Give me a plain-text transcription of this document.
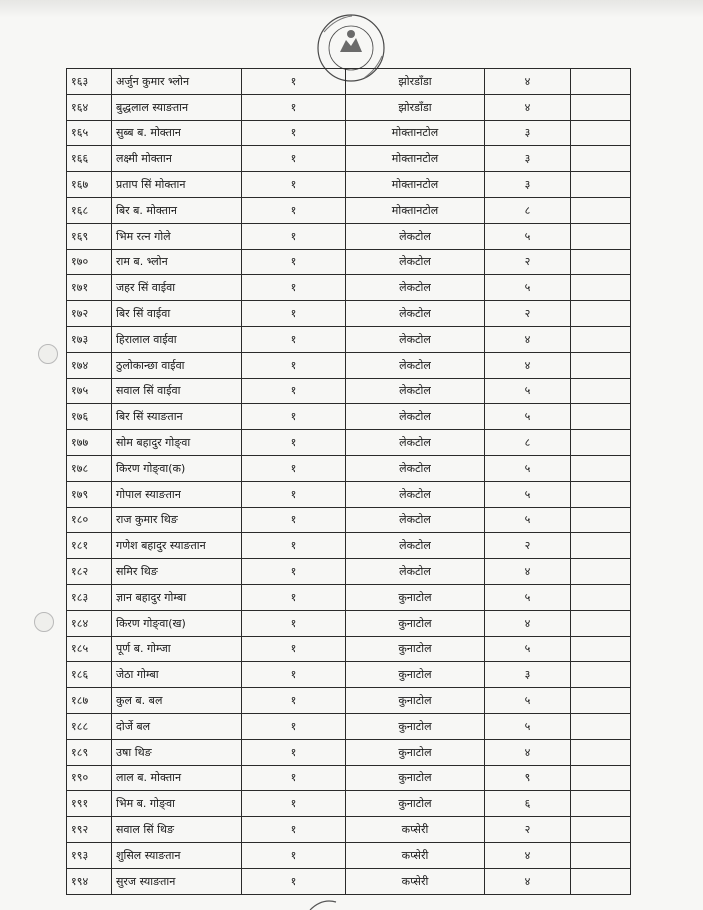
१६३	अर्जुन कुमार भ्लोन	१	झोरडाँडा	४	
१६४	बुद्धलाल स्याङतान	१	झोरडाँडा	४	
१६५	सुब्ब ब. मोक्तान	१	मोक्तानटोल	३	
१६६	लक्ष्मी मोक्तान	१	मोक्तानटोल	३	
१६७	प्रताप सिं मोक्तान	१	मोक्तानटोल	३	
१६८	बिर ब. मोक्तान	१	मोक्तानटोल	८	
१६९	भिम रत्न गोले	१	लेकटोल	५	
१७०	राम ब. भ्लोन	१	लेकटोल	२	
१७१	जहर सिं वाईवा	१	लेकटोल	५	
१७२	बिर सिं वाईवा	१	लेकटोल	२	
१७३	हिरालाल वाईवा	१	लेकटोल	४	
१७४	ठुलोकान्छा वाईवा	१	लेकटोल	४	
१७५	सवाल सिं वाईवा	१	लेकटोल	५	
१७६	बिर सिं स्याङतान	१	लेकटोल	५	
१७७	सोम बहादुर गोङ्वा	१	लेकटोल	८	
१७८	किरण गोङ्वा(क)	१	लेकटोल	५	
१७९	गोपाल स्याङतान	१	लेकटोल	५	
१८०	राज कुमार थिङ	१	लेकटोल	५	
१८१	गणेश बहादुर स्याङतान	१	लेकटोल	२	
१८२	समिर थिङ	१	लेकटोल	४	
१८३	ज्ञान बहादुर गोम्बा	१	कुनाटोल	५	
१८४	किरण गोङ्वा(ख)	१	कुनाटोल	४	
१८५	पूर्ण ब. गोम्जा	१	कुनाटोल	५	
१८६	जेठा गोम्बा	१	कुनाटोल	३	
१८७	कुल ब. बल	१	कुनाटोल	५	
१८८	दोर्जे बल	१	कुनाटोल	५	
१८९	उषा थिङ	१	कुनाटोल	४	
१९०	लाल ब. मोक्तान	१	कुनाटोल	९	
१९१	भिम ब. गोङ्वा	१	कुनाटोल	६	
१९२	सवाल सिं थिङ	१	कप्सेरी	२	
१९३	शुसिल स्याङतान	१	कप्सेरी	४	
१९४	सुरज स्याङतान	१	कप्सेरी	४	
